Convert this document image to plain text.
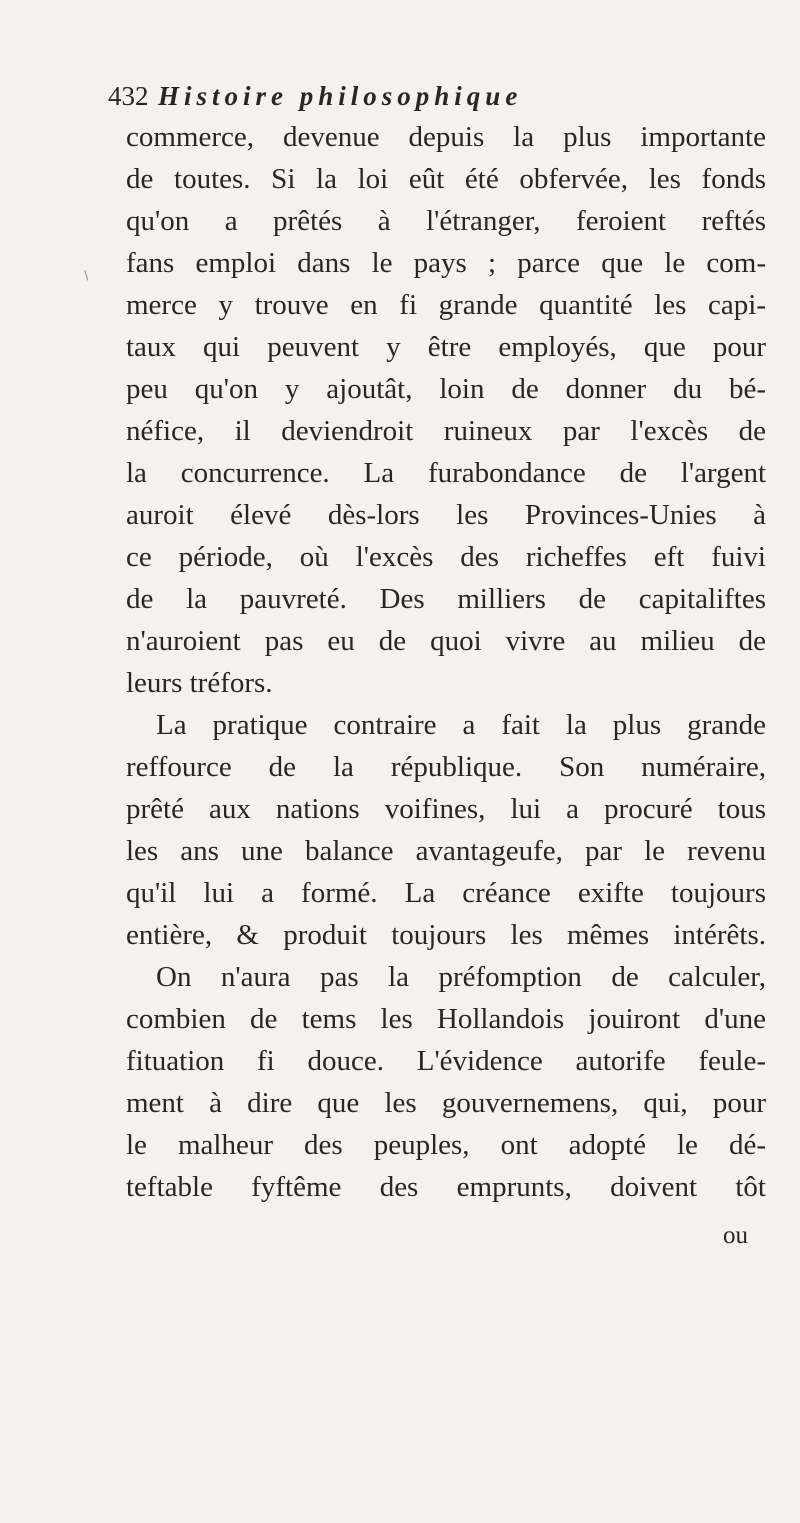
432 Histoire philosophique
commerce, devenue depuis la plus importante
de toutes. Si la loi eût été obfervée, les fonds
qu'on a prêtés à l'étranger, feroient reftés
fans emploi dans le pays ; parce que le com-
merce y trouve en fi grande quantité les capi-
taux qui peuvent y être employés, que pour
peu qu'on y ajoutât, loin de donner du bé-
néfice, il deviendroit ruineux par l'excès de
la concurrence. La furabondance de l'argent
auroit élevé dès-lors les Provinces-Unies à
ce période, où l'excès des richeffes eft fuivi
de la pauvreté. Des milliers de capitaliftes
n'auroient pas eu de quoi vivre au milieu de
leurs tréfors.
La pratique contraire a fait la plus grande
reffource de la république. Son numéraire,
prêté aux nations voifines, lui a procuré tous
les ans une balance avantageufe, par le revenu
qu'il lui a formé. La créance exifte toujours
entière, & produit toujours les mêmes intérêts.
On n'aura pas la préfomption de calculer,
combien de tems les Hollandois jouiront d'une
fituation fi douce. L'évidence autorife feule-
ment à dire que les gouvernemens, qui, pour
le malheur des peuples, ont adopté le dé-
teftable fyftême des emprunts, doivent tôt
ou
∖
